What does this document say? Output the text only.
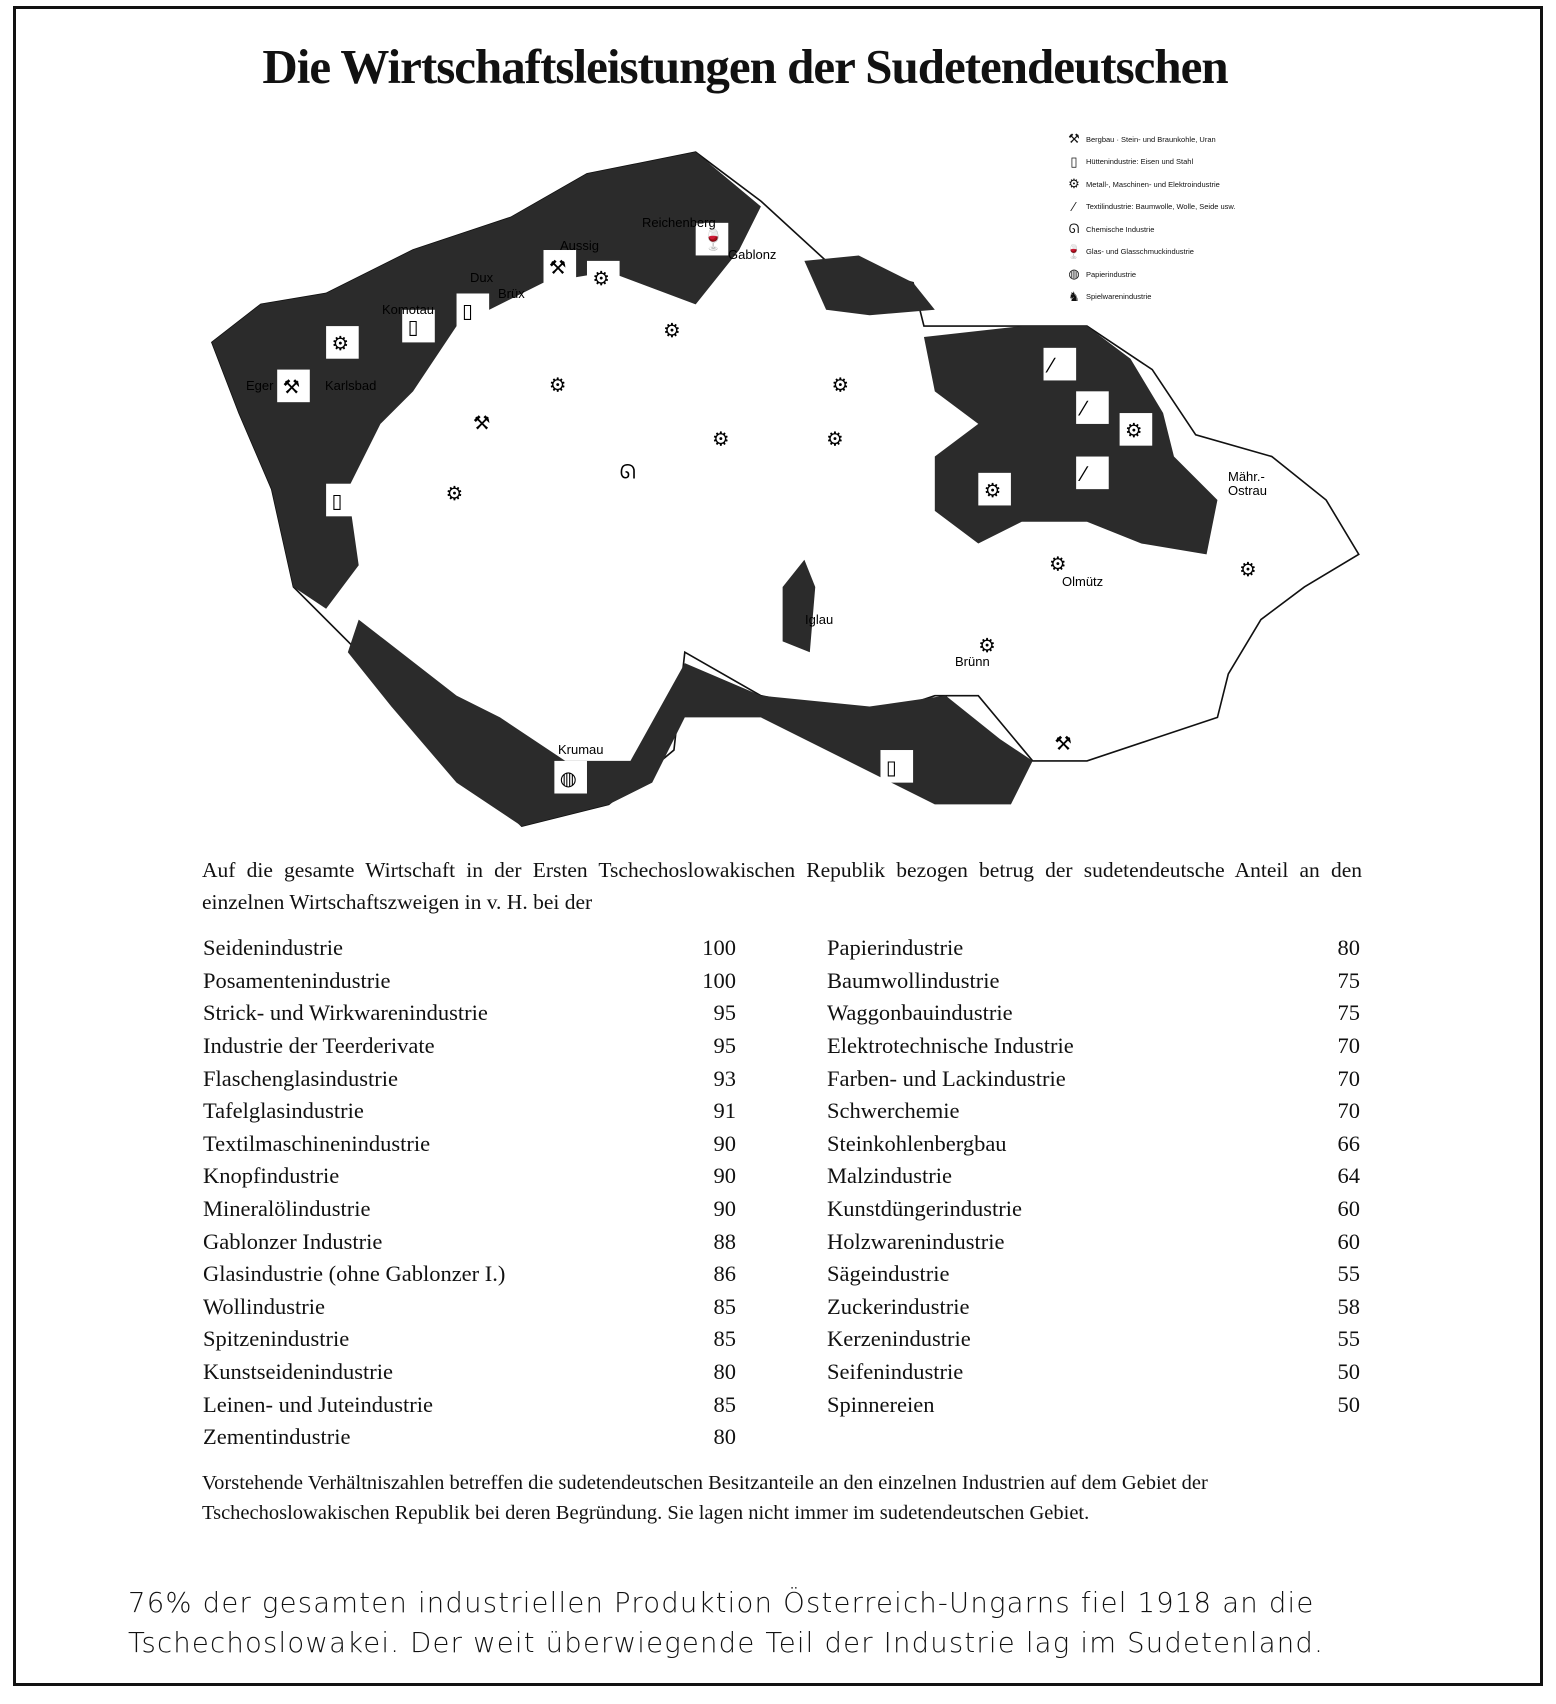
Die Wirtschaftsleistungen der Sudetendeutschen
⚒
⚙
▯
▯
⚒ ⚙
🍷
▯
⁄
⁄
⚙
⁄
⚙
◍	▯
⚙
⚙
⚙
⚒
⚙
⚙	⚙
⚒
⚙
ᘏ
⚙
⚙
⚒ Bergbau · Stein- und Braunkohle, Uran
▯	Hüttenindustrie: Eisen und Stahl
⚙ Metall-, Maschinen- und Elektroindustrie
⁄	Textilindustrie: Baumwolle, Wolle, Seide usw.
ᘏ Chemische Industrie
🍷 Glas- und Glasschmuckindustrie
◍ Papierindustrie
♞ Spielwarenindustrie
Eger	Karlsbad
Komotau
Dux
Brüx
Aussig
Reichenberg
Gablonz
Mähr.-Ostrau
Olmütz
Iglau
Brünn
Krumau
Auf die gesamte Wirtschaft in der Ersten Tschechoslowakischen Republik bezogen betrug der sudetendeutsche Anteil an den einzelnen Wirtschaftszweigen in v. H. bei der
Seidenindustrie	100
Posamentenindustrie	100
Strick- und Wirkwarenindustrie	95
Industrie der Teerderivate	95
Flaschenglasindustrie	93
Tafelglasindustrie	91
Textilmaschinenindustrie	90
Knopfindustrie	90
Mineralölindustrie	90
Gablonzer Industrie	88
Glasindustrie (ohne Gablonzer I.)	86
Wollindustrie	85
Spitzenindustrie	85
Kunstseidenindustrie	80
Leinen- und Juteindustrie	85
Zementindustrie	80
Papierindustrie	80
Baumwollindustrie	75
Waggonbauindustrie	75
Elektrotechnische Industrie	70
Farben- und Lackindustrie	70
Schwerchemie	70
Steinkohlenbergbau	66
Malzindustrie	64
Kunstdüngerindustrie	60
Holzwarenindustrie	60
Sägeindustrie	55
Zuckerindustrie	58
Kerzenindustrie	55
Seifenindustrie	50
Spinnereien	50
Vorstehende Verhältniszahlen betreffen die sudetendeutschen Besitzanteile an den einzelnen Industrien auf dem Gebiet der Tschechoslowakischen Republik bei deren Begründung. Sie lagen nicht immer im sudetendeutschen Gebiet.
76% der gesamten industriellen Produktion Österreich-Ungarns fiel 1918 an die Tschechoslowakei. Der weit überwiegende Teil der Industrie lag im Sudetenland.
